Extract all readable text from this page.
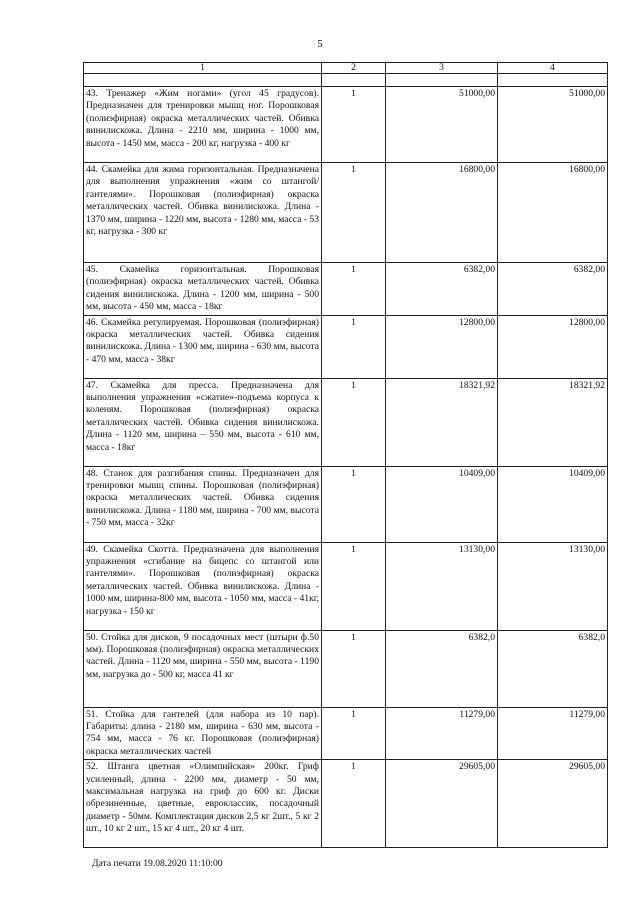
5
1	2	3	4

43. Тренажер «Жим ногами» (угол 45 градусов). Предназначен для тренировки мышц ног. Порошковая (полиэфирная) окраска металлических частей. Обивка винилискожа. Длина - 2210 мм, ширина - 1000 мм, высота - 1450 мм, масса - 200 кг, нагрузка - 400 кг	1	51000,00	51000,00
44. Скамейка для жима горизонтальная. Предназначена для выполнения упражнения «жим со штангой/гантелями». Порошковая (полиэфирная) окраска металлических частей. Обивка винилискожа. Длина - 1370 мм, ширина - 1220 мм, высота - 1280 мм, масса - 53 кг, нагрузка - 300 кг	1	16800,00	16800,00
45. Скамейка горизонтальная. Порошковая (полиэфирная) окраска металлических частей. Обивка сидения винилискожа. Длина - 1200 мм, ширина - 500 мм, высота - 450 мм, масса - 18кг	1	6382,00	6382,00
46. Скамейка регулируемая. Порошковая (полиэфирная) окраска металлических частей. Обивка сидения винилискожа. Длина - 1300 мм, ширина - 630 мм, высота - 470 мм, масса - 38кг	1	12800,00	12800,00
47. Скамейка для пресса. Предназначена для выполнения упражнения «сжатие»-подъема корпуса к коленям. Порошковая (полиэфирная) окраска металлических частей. Обивка сидения винилискожа. Длина - 1120 мм, ширина – 550 мм, высота - 610 мм, масса - 18кг	1	18321,92	18321,92
48. Станок для разгибания спины. Предназначен для тренировки мышц спины. Порошковая (полиэфирная) окраска металлических частей. Обивка сидения винилискожа. Длина - 1180 мм, ширина - 700 мм, высота - 750 мм, масса - 32кг	1	10409,00	10409,00
49. Скамейка Скотта. Предназначена для выполнения упражнения «сгибание на бицепс со штангой или гантелями». Порошковая (полиэфирная) окраска металлических частей. Обивка винилискожа. Длина - 1000 мм, ширина-800 мм, высота - 1050 мм, масса - 41кг, нагрузка - 150 кг	1	13130,00	13130,00
50. Стойка для дисков, 9 посадочных мест (штыри ф.50 мм). Порошковая (полиэфирная) окраска металлических частей. Длина - 1120 мм, ширина - 550 мм, высота - 1190 мм, нагрузка до - 500 кг, масса 41 кг	1	6382,0	6382,0
51. Стойка для гантелей (для набора из 10 пар). Габариты: длина - 2180 мм, ширина - 630 мм, высота - 754 мм, масса - 76 кг. Порошковая (полиэфирная) окраска металлических частей	1	11279,00	11279,00
52. Штанга цветная «Олимпийская» 200кг. Гриф усиленный, длина - 2200 мм, диаметр - 50 мм, максимальная нагрузка на гриф до 600 кг. Диски обрезиненные, цветные, евроклассик, посадочный диаметр - 50мм. Комплектация дисков 2,5 кг 2шт., 5 кг 2 шт., 10 кг 2 шт., 15 кг 4 шт., 20 кг 4 шт.	1	29605,00	29605,00
Дата печати 19.08.2020 11:10:00
